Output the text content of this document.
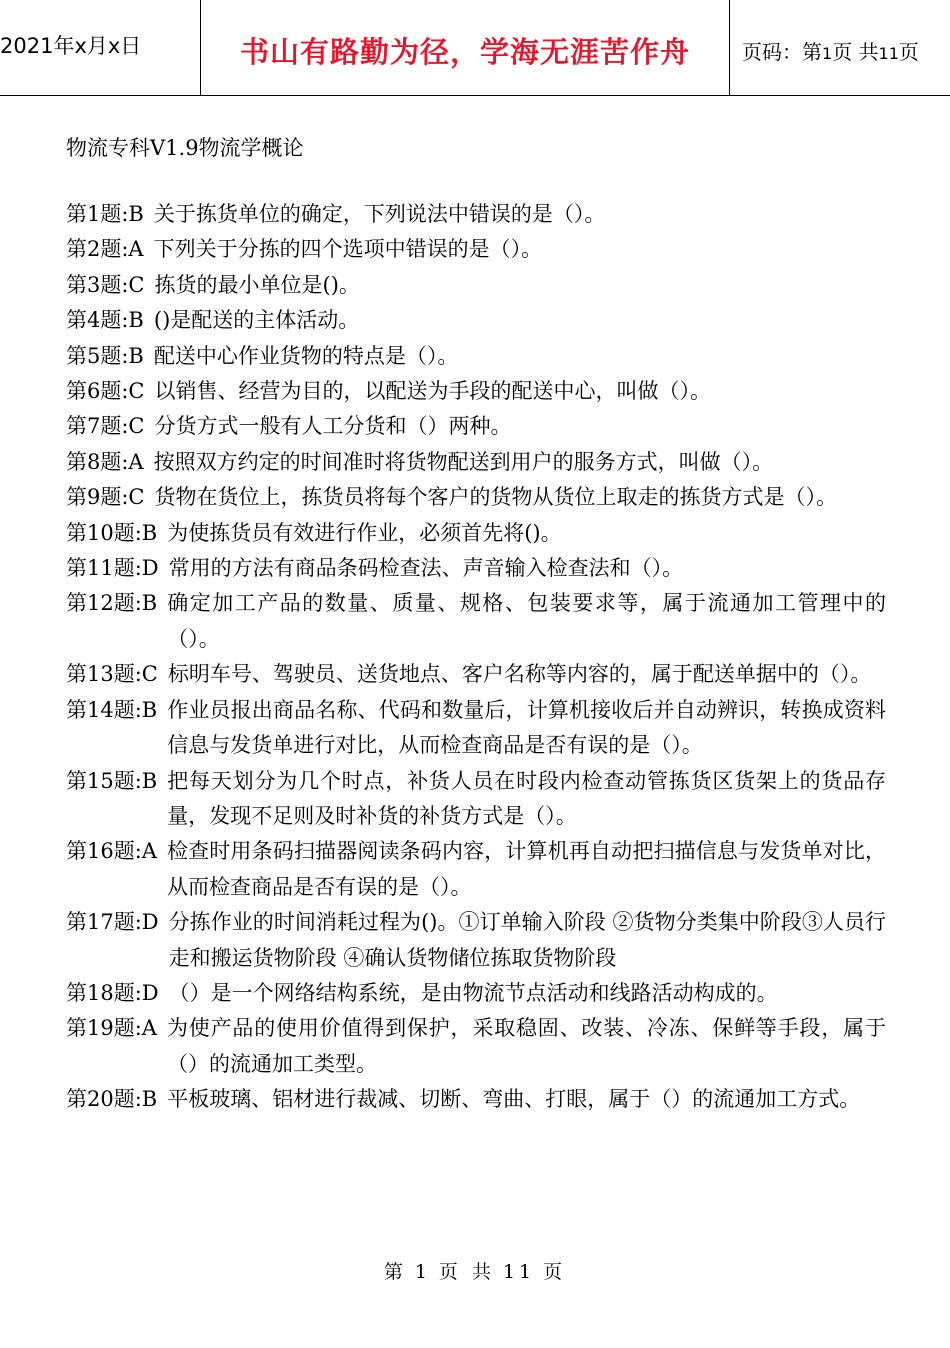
2021年x月x日	书山有路勤为径，学海无涯苦作舟	页码：第1页 共11页
物流专科V1.9物流学概论
第1题:B 关于拣货单位的确定，下列说法中错误的是（）。
第2题:A 下列关于分拣的四个选项中错误的是（）。
第3题:C 拣货的最小单位是()。
第4题:B ()是配送的主体活动。
第5题:B 配送中心作业货物的特点是（）。
第6题:C 以销售、经营为目的，以配送为手段的配送中心，叫做（）。
第7题:C 分货方式一般有人工分货和（）两种。
第8题:A 按照双方约定的时间准时将货物配送到用户的服务方式，叫做（）。
第9题:C 货物在货位上，拣货员将每个客户的货物从货位上取走的拣货方式是（）。
第10题:B 为使拣货员有效进行作业，必须首先将()。
第11题:D 常用的方法有商品条码检查法、声音输入检查法和（）。
第12题:B 确定加工产品的数量、质量、规格、包装要求等，属于流通加工管理中的（）。
第13题:C 标明车号、驾驶员、送货地点、客户名称等内容的，属于配送单据中的（）。
第14题:B 作业员报出商品名称、代码和数量后，计算机接收后并自动辨识，转换成资料信息与发货单进行对比，从而检查商品是否有误的是（）。
第15题:B 把每天划分为几个时点，补货人员在时段内检查动管拣货区货架上的货品存量，发现不足则及时补货的补货方式是（）。
第16题:A 检查时用条码扫描器阅读条码内容，计算机再自动把扫描信息与发货单对比，从而检查商品是否有误的是（）。
第17题:D 分拣作业的时间消耗过程为()。①订单输入阶段 ②货物分类集中阶段③人员行走和搬运货物阶段 ④确认货物储位拣取货物阶段
第18题:D （）是一个网络结构系统，是由物流节点活动和线路活动构成的。
第19题:A 为使产品的使用价值得到保护，采取稳固、改装、冷冻、保鲜等手段，属于（）的流通加工类型。
第20题:B 平板玻璃、铝材进行裁减、切断、弯曲、打眼，属于（）的流通加工方式。
第 1 页 共 11 页
